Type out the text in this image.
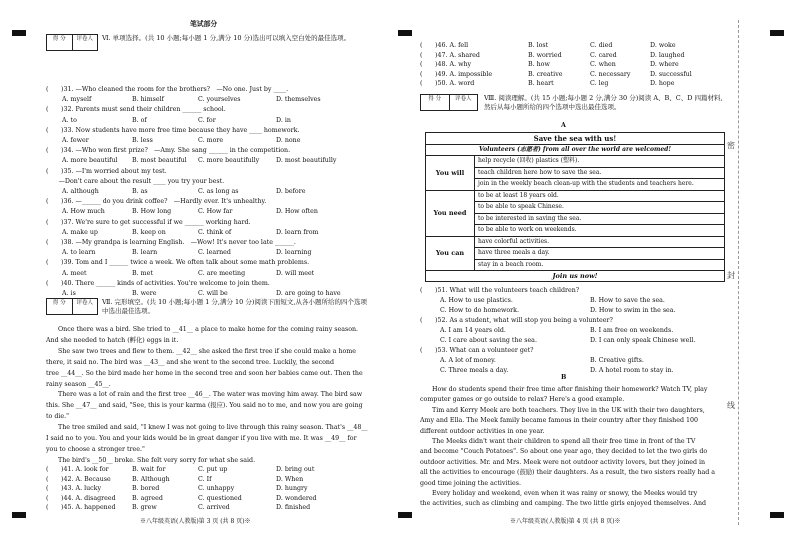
密
封
线
笔试部分
得 分	评卷人	Ⅵ. 单项选择。(共 10 小题;每小题 1 分,满分 10 分)选出可以填入空白处的最佳选项。
(　　)31. —Who cleaned the room for the brothers?　—No one. Just by ____.
A. myself	B. himself	C. yourselves	D. themselves
(　　)32. Parents must send their children ______ school.
A. to	B. of	C. for	D. in
(　　)33. Now students have more free time because they have ____ homework.
A. fewer	B. less	C. more	D. none
(　　)34. —Who won first prize?　—Amy. She sang ______ in the competition.
A. more beautiful B. most beautiful C. more beautifully	D. most beautifully
(　　)35. —I'm worried about my test.
　　—Don't care about the result ____ you try your best.
A. although	B. as	C. as long as	D. before
(　　)36. —______ do you drink coffee?　—Hardly ever. It's unhealthy.
A. How much	B. How long	C. How far	D. How often
(　　)37. We're sure to get successful if we ______ working hard.
A. make up	B. keep on	C. think of	D. learn from
(　　)38. —My grandpa is learning English.　—Wow! It's never too late ______.
A. to learn	B. learn	C. learned	D. learning
(　　)39. Tom and I ______ twice a week. We often talk about some math problems.
A. meet	B. met	C. are meeting	D. will meet
(　　)40. There ______ kinds of activities. You're welcome to join them.
A. is	B. were	C. will be	D. are going to have
得 分	评卷人	Ⅶ. 完形填空。(共 10 小题;每小题 1 分,满分 10 分)阅读下面短文,从各小题所给的四个选项中选出最佳选项。
Once there was a bird. She tried to __41__ a place to make home for the coming rainy season.
And she needed to hatch (孵化) eggs in it.
She saw two trees and flew to them. __42__ she asked the first tree if she could make a home
there, it said no. The bird was __43__ and she went to the second tree. Luckily, the second
tree __44__. So the bird made her home in the second tree and soon her babies came out. Then the
rainy season __45__.
There was a lot of rain and the first tree __46__. The water was moving him away. The bird saw
this. She __47__ and said, "See, this is your karma (报应). You said no to me, and now you are going
to die."
The tree smiled and said, "I knew I was not going to live through this rainy season. That's __48__
I said no to you. You and your kids would be in great danger if you live with me. It was __49__ for
you to choose a stronger tree."
The bird's __50__ broke. She felt very sorry for what she said.
(　　)41. A. look for	B. wait for	C. put up	D. bring out
(　　)42. A. Because	B. Although	C. If	D. When
(　　)43. A. lucky	B. bored	C. unhappy	D. hungry
(　　)44. A. disagreed	B. agreed	C. questioned	D. wondered
(　　)45. A. happened	B. grew	C. arrived	D. finished
※八年级英语(人教版)第 3 页 (共 8 页)※
(　　)46. A. fell	B. lost	C. died	D. woke
(　　)47. A. shared	B. worried	C. cared	D. laughed
(　　)48. A. why	B. how	C. when	D. where
(　　)49. A. impossible	B. creative	C. necessary	D. successful
(　　)50. A. word	B. heart	C. leg	D. hope
得 分	评卷人	Ⅷ. 阅读理解。(共 15 小题;每小题 2 分,满分 30 分)阅读 A、B、C、D 四篇材料,然后从每小题所给的四个选项中选出最佳选项。
A
Save the sea with us!
Volunteers (志愿者) from all over the world are welcomed!
You will
help recycle (回收) plastics (塑料).
teach children here how to save the sea.
join in the weekly beach clean-up with the students and teachers here.
You need
to be at least 18 years old.
to be able to speak Chinese.
to be interested in saving the sea.
to be able to work on weekends.
You can
have colorful activities.
have three meals a day.
stay in a beach room.
Join us now!
(　　)51. What will the volunteers teach children?
A. How to use plastics.	B. How to save the sea.
C. How to do homework.	D. How to swim in the sea.
(　　)52. As a student, what will stop you being a volunteer?
A. I am 14 years old.	B. I am free on weekends.
C. I care about saving the sea.	D. I can only speak Chinese well.
(　　)53. What can a volunteer get?
A. A lot of money.	B. Creative gifts.
C. Three meals a day.	D. A hotel room to stay in.
B
How do students spend their free time after finishing their homework? Watch TV, play
computer games or go outside to relax? Here's a good example.
Tim and Kerry Meek are both teachers. They live in the UK with their two daughters,
Amy and Ella. The Meek family became famous in their country after they finished 100
different outdoor activities in one year.
The Meeks didn't want their children to spend all their free time in front of the TV
and become "Couch Potatoes". So about one year ago, they decided to let the two girls do
outdoor activities. Mr. and Mrs. Meek were not outdoor activity lovers, but they joined in
all the activities to encourage (鼓励) their daughters. As a result, the two sisters really had a
good time joining the activities.
Every holiday and weekend, even when it was rainy or snowy, the Meeks would try
the activities, such as climbing and camping. The two little girls enjoyed themselves. And
※八年级英语(人教版)第 4 页 (共 8 页)※
